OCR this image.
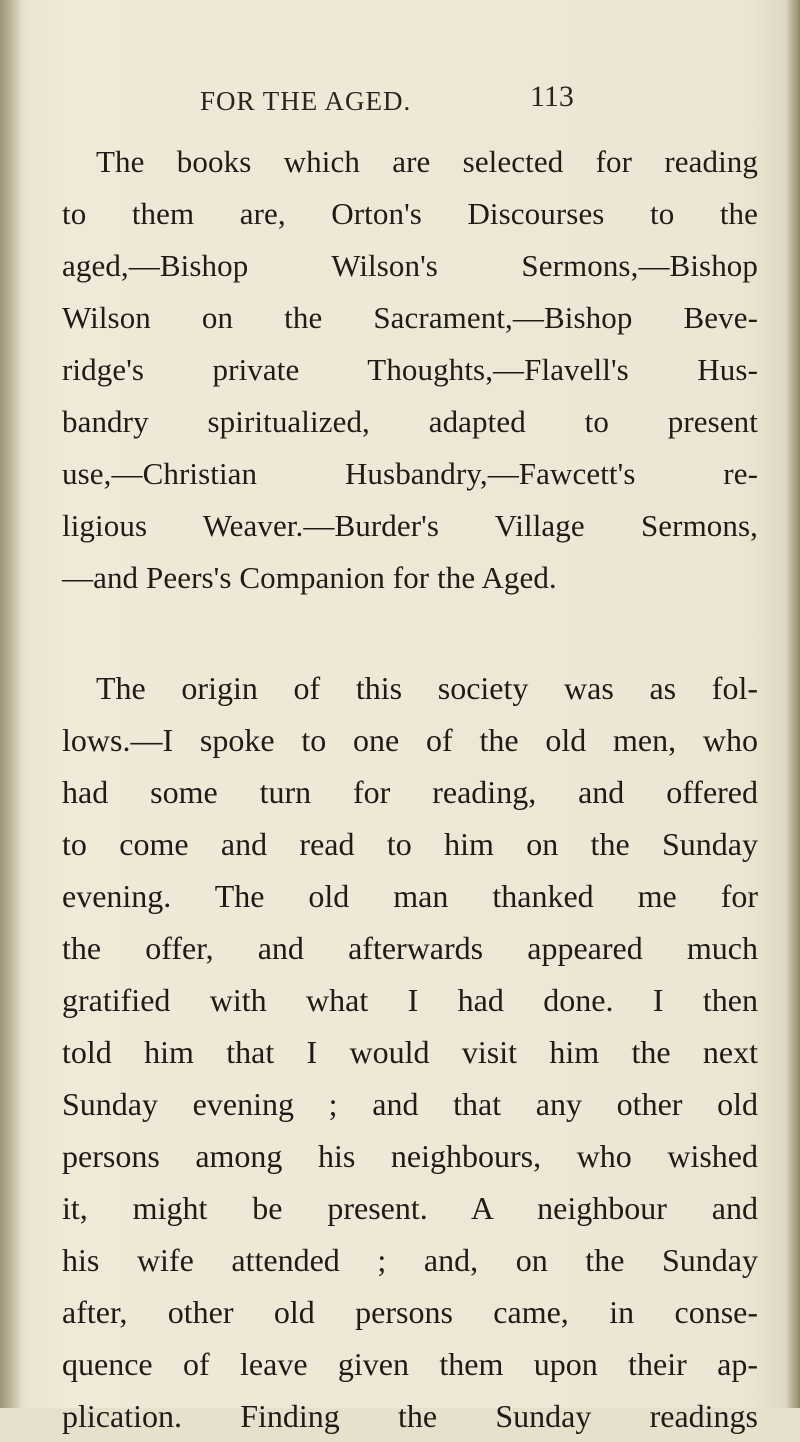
FOR THE AGED.	113
The books which are selected for reading
to them are, Orton's Discourses to the
aged,—Bishop Wilson's Sermons,—Bishop
Wilson on the Sacrament,—Bishop Beve-
ridge's private Thoughts,—Flavell's Hus-
bandry spiritualized, adapted to present
use,—Christian Husbandry,—Fawcett's re-
ligious Weaver.—Burder's Village Sermons,
—and Peers's Companion for the Aged.
The origin of this society was as fol-
lows.—I spoke to one of the old men, who
had some turn for reading, and offered
to come and read to him on the Sunday
evening. The old man thanked me for
the offer, and afterwards appeared much
gratified with what I had done. I then
told him that I would visit him the next
Sunday evening ; and that any other old
persons among his neighbours, who wished
it, might be present. A neighbour and
his wife attended ; and, on the Sunday
after, other old persons came, in conse-
quence of leave given them upon their ap-
plication. Finding the Sunday readings
